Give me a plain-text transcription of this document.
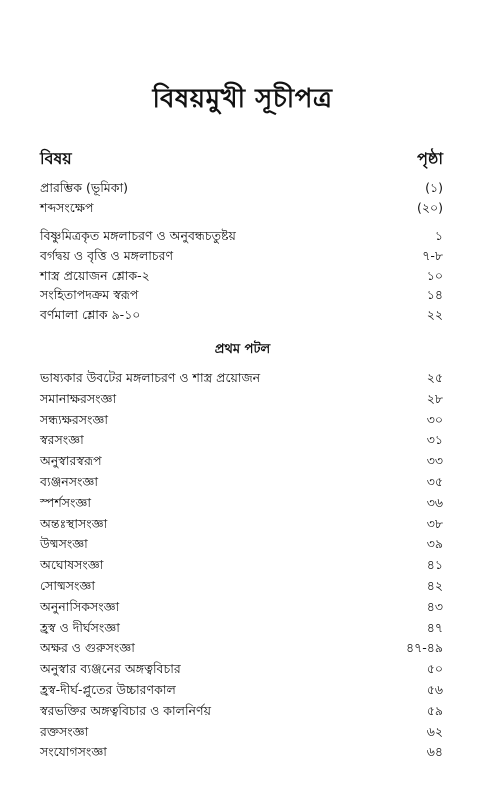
বিষয়মুখী সূচীপত্র
বিষয়	পৃষ্ঠা
প্রারম্ভিক (ভূমিকা)	(১)
শব্দসংক্ষেপ	(২০)
বিষ্ণুমিত্রকৃত মঙ্গলাচরণ ও অনুবন্ধচতুষ্টয়	১
বর্গদ্বয় ও বৃত্তি ও মঙ্গলাচরণ	৭-৮
শাস্ত্র প্রয়োজন শ্লোক-২	১০
সংহিতাপদক্রম স্বরূপ	১৪
বর্ণমালা শ্লোক ৯-১০	২২
প্রথম পটল
ভাষ্যকার উবটের মঙ্গলাচরণ ও শাস্ত্র প্রয়োজন	২৫
সমানাক্ষরসংজ্ঞা	২৮
সন্ধ্যক্ষরসংজ্ঞা	৩০
স্বরসংজ্ঞা	৩১
অনুস্বারস্বরূপ	৩৩
ব্যঞ্জনসংজ্ঞা	৩৫
স্পর্শসংজ্ঞা	৩৬
অন্তঃস্থাসংজ্ঞা	৩৮
উষ্মসংজ্ঞা	৩৯
অঘোষসংজ্ঞা	৪১
সোষ্মসংজ্ঞা	৪২
অনুনাসিকসংজ্ঞা	৪৩
হ্রস্ব ও দীর্ঘসংজ্ঞা	৪৭
অক্ষর ও গুরুসংজ্ঞা	৪৭-৪৯
অনুস্বার ব্যঞ্জনের অঙ্গত্ববিচার	৫০
হ্রস্ব-দীর্ঘ-প্লুতের উচ্চারণকাল	৫৬
স্বরভক্তির অঙ্গত্ববিচার ও কালনির্ণয়	৫৯
রক্তসংজ্ঞা	৬২
সংযোগসংজ্ঞা	৬৪
